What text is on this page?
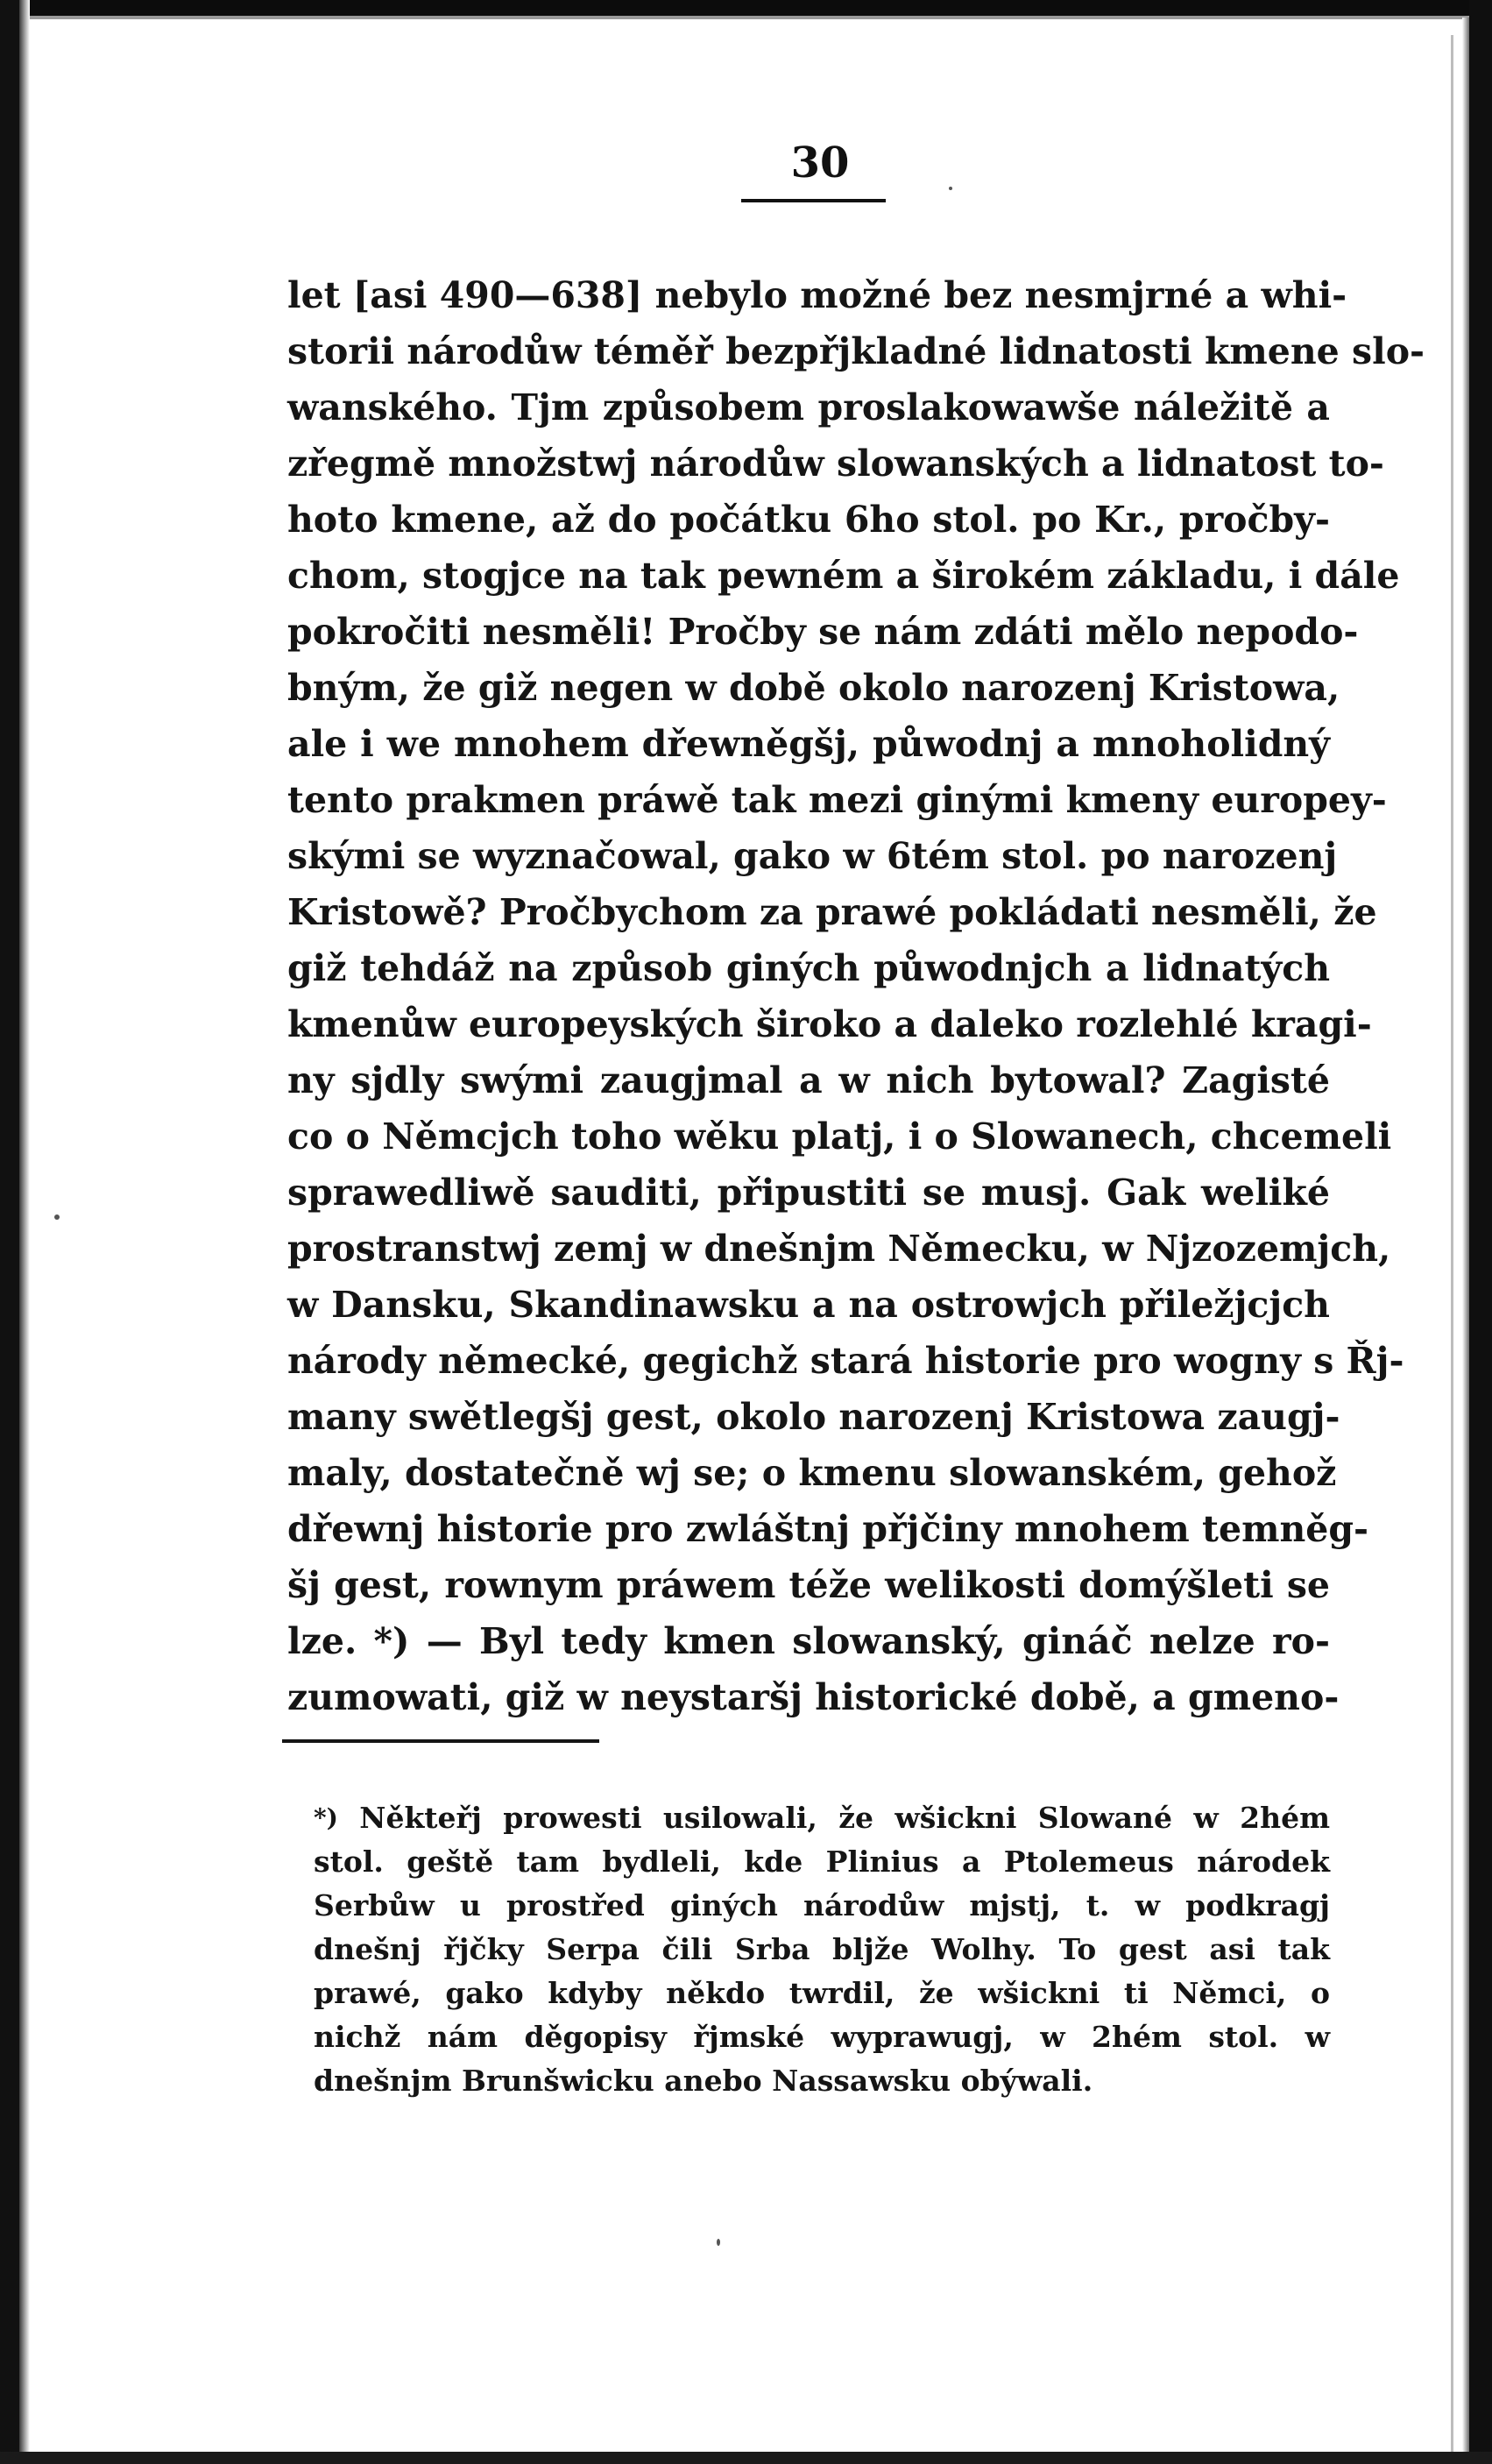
30
let [asi 490—638] nebylo možné bez nesmjrné a whi-
storii národůw téměř bezpřjkladné lidnatosti kmene slo-
wanského. Tjm způsobem proslakowawše náležitě a
zřegmě množstwj národůw slowanských a lidnatost to-
hoto kmene, až do počátku 6ho stol. po Kr., pročby-
chom, stogjce na tak pewném a širokém základu, i dále
pokročiti nesměli! Pročby se nám zdáti mělo nepodo-
bným, že giž negen w době okolo narozenj Kristowa,
ale i we mnohem dřewněgšj, půwodnj a mnoholidný
tento prakmen práwě tak mezi ginými kmeny europey-
skými se wyznačowal, gako w 6tém stol. po narozenj
Kristowě? Pročbychom za prawé pokládati nesměli, že
giž tehdáž na způsob giných půwodnjch a lidnatých
kmenůw europeyských široko a daleko rozlehlé kragi-
ny sjdly swými zaugjmal a w nich bytowal? Zagisté
co o Němcjch toho wěku platj, i o Slowanech, chcemeli
sprawedliwě sauditi, připustiti se musj. Gak weliké
prostranstwj zemj w dnešnjm Německu, w Njzozemjch,
w Dansku, Skandinawsku a na ostrowjch přiležjcjch
národy německé, gegichž stará historie pro wogny s Řj-
many swětlegšj gest, okolo narozenj Kristowa zaugj-
maly, dostatečně wj se; o kmenu slowanském, gehož
dřewnj historie pro zwláštnj přjčiny mnohem temněg-
šj gest, rownym práwem téže welikosti domýšleti se
lze. *) — Byl tedy kmen slowanský, gináč nelze ro-
zumowati, giž w neystaršj historické době, a gmeno-
*) Někteřj prowesti usilowali, že wšickni Slowané w 2hém
stol. geště tam bydleli, kde Plinius a Ptolemeus národek
Serbůw u prostřed giných národůw mjstj, t. w podkragj
dnešnj řjčky Serpa čili Srba bljže Wolhy. To gest asi tak
prawé, gako kdyby někdo twrdil, že wšickni ti Němci, o
nichž nám děgopisy řjmské wyprawugj, w 2hém stol. w
dnešnjm Brunšwicku anebo Nassawsku obýwali.
